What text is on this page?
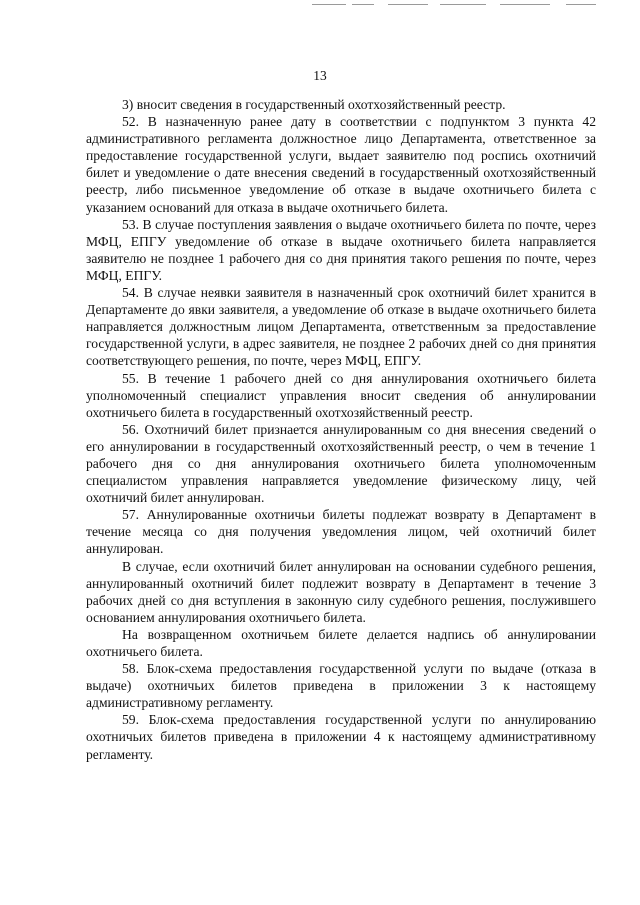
13

3) вносит сведения в государственный охотхозяйственный реестр.

52. В назначенную ранее дату в соответствии с подпунктом 3 пункта 42 административного регламента должностное лицо Департамента, ответственное за предоставление государственной услуги, выдает заявителю под роспись охотничий билет и уведомление о дате внесения сведений в государственный охотхозяйственный реестр, либо письменное уведомление об отказе в выдаче охотничьего билета с указанием оснований для отказа в выдаче охотничьего билета.

53. В случае поступления заявления о выдаче охотничьего билета по почте, через МФЦ, ЕПГУ уведомление об отказе в выдаче охотничьего билета направляется заявителю не позднее 1 рабочего дня со дня принятия такого решения по почте, через МФЦ, ЕПГУ.

54. В случае неявки заявителя в назначенный срок охотничий билет хранится в Департаменте до явки заявителя, а уведомление об отказе в выдаче охотничьего билета направляется должностным лицом Департамента, ответственным за предоставление государственной услуги, в адрес заявителя, не позднее 2 рабочих дней со дня принятия соответствующего решения, по почте, через МФЦ, ЕПГУ.

55. В течение 1 рабочего дней со дня аннулирования охотничьего билета уполномоченный специалист управления вносит сведения об аннулировании охотничьего билета в государственный охотхозяйственный реестр.

56. Охотничий билет признается аннулированным со дня внесения сведений о его аннулировании в государственный охотхозяйственный реестр, о чем в течение 1 рабочего дня со дня аннулирования охотничьего билета уполномоченным специалистом управления направляется уведомление физическому лицу, чей охотничий билет аннулирован.

57. Аннулированные охотничьи билеты подлежат возврату в Департамент в течение месяца со дня получения уведомления лицом, чей охотничий билет аннулирован.

В случае, если охотничий билет аннулирован на основании судебного решения, аннулированный охотничий билет подлежит возврату в Департамент в течение 3 рабочих дней со дня вступления в законную силу судебного решения, послужившего основанием аннулирования охотничьего билета.

На возвращенном охотничьем билете делается надпись об аннулировании охотничьего билета.

58. Блок-схема предоставления государственной услуги по выдаче (отказа в выдаче) охотничьих билетов приведена в приложении 3 к настоящему административному регламенту.

59. Блок-схема предоставления государственной услуги по аннулированию охотничьих билетов приведена в приложении 4 к настоящему административному регламенту.
